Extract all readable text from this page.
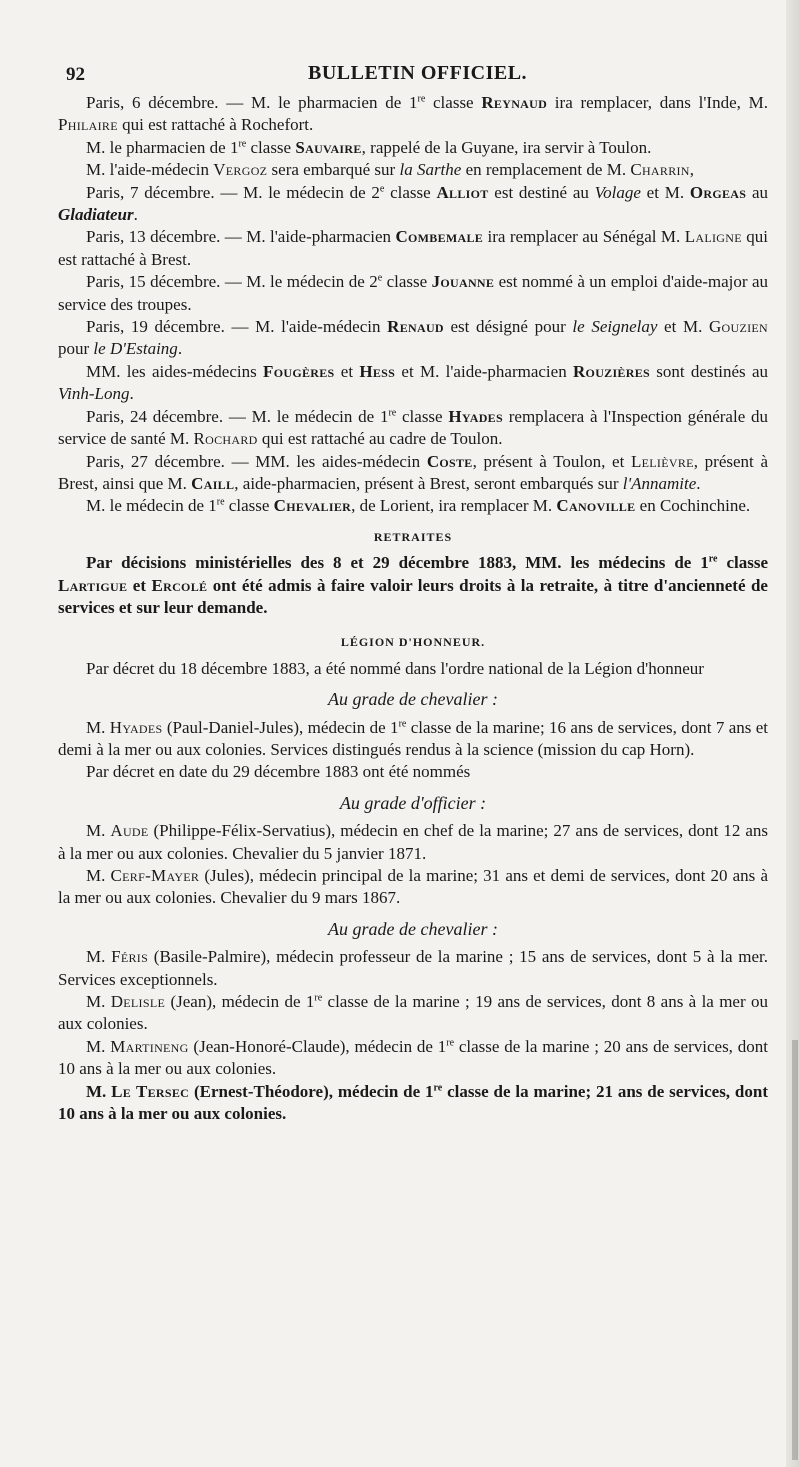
92	BULLETIN OFFICIEL.

Paris, 6 décembre. — M. le pharmacien de 1re classe Reynaud ira remplacer, dans l'Inde, M. Philaire qui est rattaché à Rochefort.

M. le pharmacien de 1re classe Sauvaire, rappelé de la Guyane, ira servir à Toulon.

M. l'aide-médecin Vergoz sera embarqué sur la Sarthe en remplacement de M. Charrin,

Paris, 7 décembre. — M. le médecin de 2e classe Alliot est destiné au Volage et M. Orgeas au Gladiateur.

Paris, 13 décembre. — M. l'aide-pharmacien Combemale ira remplacer au Sénégal M. Laligne qui est rattaché à Brest.

Paris, 15 décembre. — M. le médecin de 2e classe Jouanne est nommé à un emploi d'aide-major au service des troupes.

Paris, 19 décembre. — M. l'aide-médecin Renaud est désigné pour le Seignelay et M. Gouzien pour le D'Estaing.

MM. les aides-médecins Fougères et Hess et M. l'aide-pharmacien Rouzières sont destinés au Vinh-Long.

Paris, 24 décembre. — M. le médecin de 1re classe Hyades remplacera à l'Inspection générale du service de santé M. Rochard qui est rattaché au cadre de Toulon.

Paris, 27 décembre. — MM. les aides-médecin Coste, présent à Toulon, et Lelièvre, présent à Brest, ainsi que M. Caill, aide-pharmacien, présent à Brest, seront embarqués sur l'Annamite.

M. le médecin de 1re classe Chevalier, de Lorient, ira remplacer M. Canoville en Cochinchine.

RETRAITES

Par décisions ministérielles des 8 et 29 décembre 1883, MM. les médecins de 1re classe Lartigue et Ercolé ont été admis à faire valoir leurs droits à la retraite, à titre d'ancienneté de services et sur leur demande.

LÉGION D'HONNEUR.

Par décret du 18 décembre 1883, a été nommé dans l'ordre national de la Légion d'honneur

Au grade de chevalier :

M. Hyades (Paul-Daniel-Jules), médecin de 1re classe de la marine; 16 ans de services, dont 7 ans et demi à la mer ou aux colonies. Services distingués rendus à la science (mission du cap Horn).

Par décret en date du 29 décembre 1883 ont été nommés

Au grade d'officier :

M. Aude (Philippe-Félix-Servatius), médecin en chef de la marine; 27 ans de services, dont 12 ans à la mer ou aux colonies. Chevalier du 5 janvier 1871.

M. Cerf-Mayer (Jules), médecin principal de la marine; 31 ans et demi de services, dont 20 ans à la mer ou aux colonies. Chevalier du 9 mars 1867.

Au grade de chevalier :

M. Féris (Basile-Palmire), médecin professeur de la marine ; 15 ans de services, dont 5 à la mer. Services exceptionnels.

M. Delisle (Jean), médecin de 1re classe de la marine ; 19 ans de services, dont 8 ans à la mer ou aux colonies.

M. Martineng (Jean-Honoré-Claude), médecin de 1re classe de la marine ; 20 ans de services, dont 10 ans à la mer ou aux colonies.

M. Le Tersec (Ernest-Théodore), médecin de 1re classe de la marine; 21 ans de services, dont 10 ans à la mer ou aux colonies.
